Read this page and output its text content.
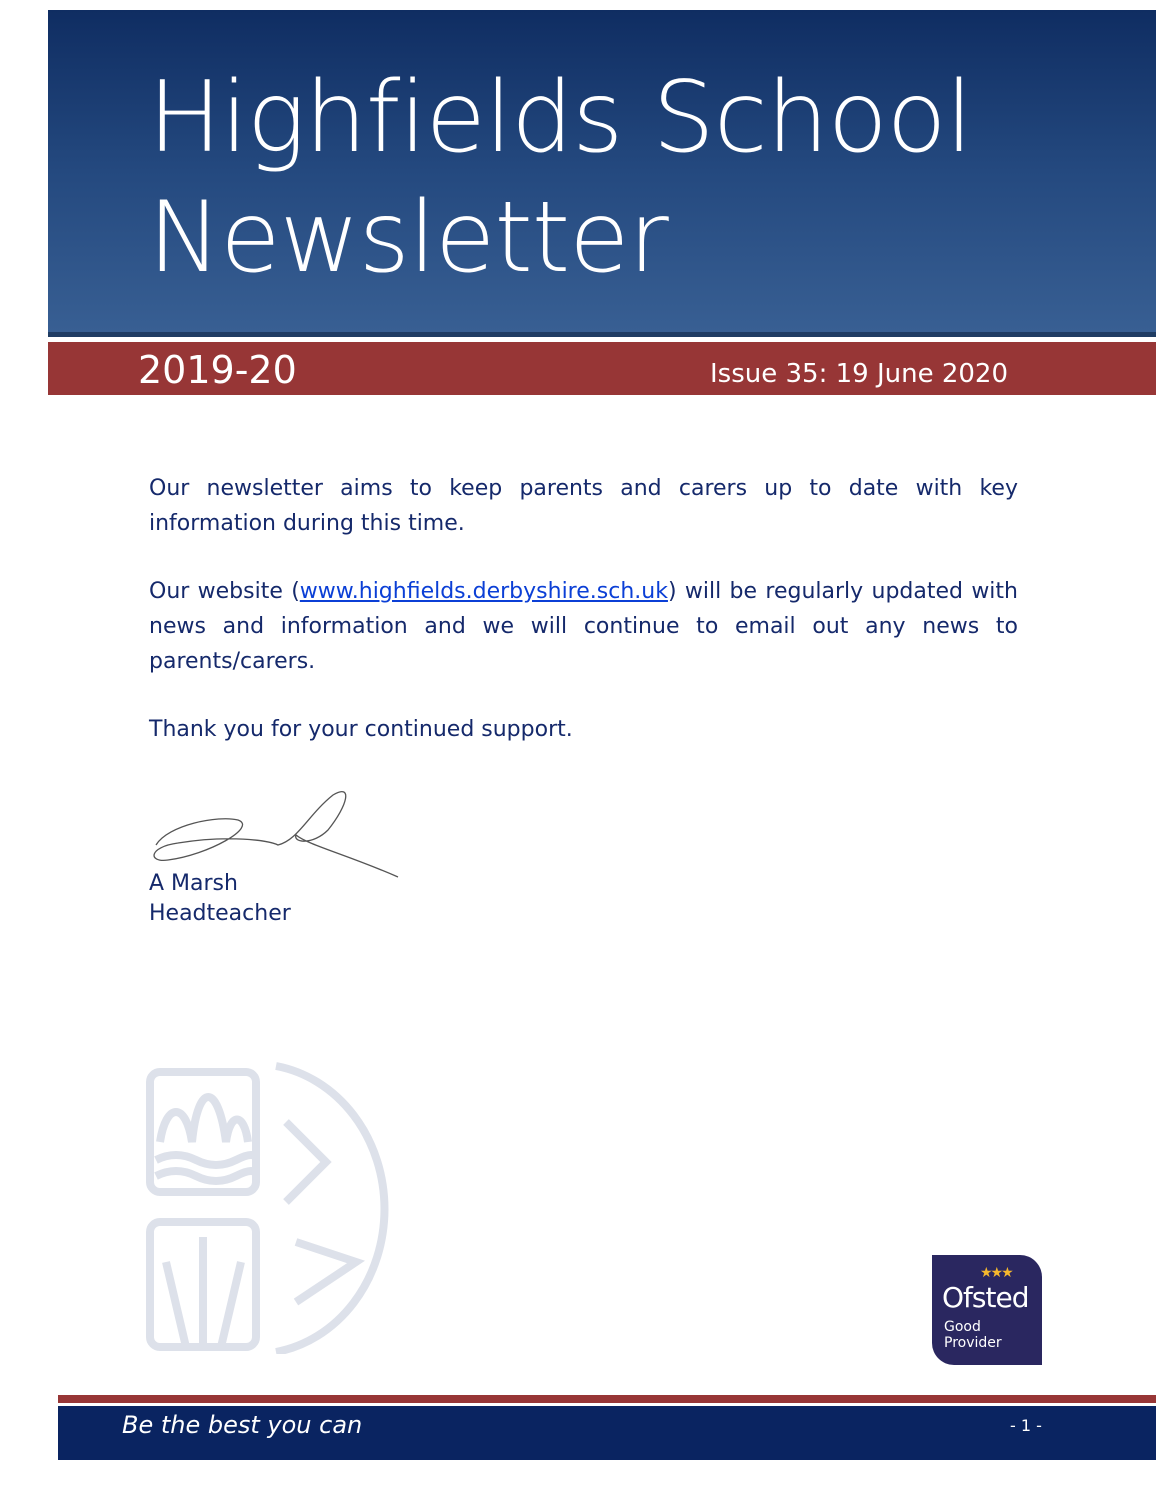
Highfields School
Newsletter
2019-20	Issue 35: 19 June 2020
Our newsletter aims to keep parents and carers up to date with key information during this time.
Our website (www.highfields.derbyshire.sch.uk) will be regularly updated with news and information and we will continue to email out any news to parents/carers.
Thank you for your continued support.
A Marsh
Headteacher
★★★
Ofsted
Good
Provider
Be the best you can	- 1 -
